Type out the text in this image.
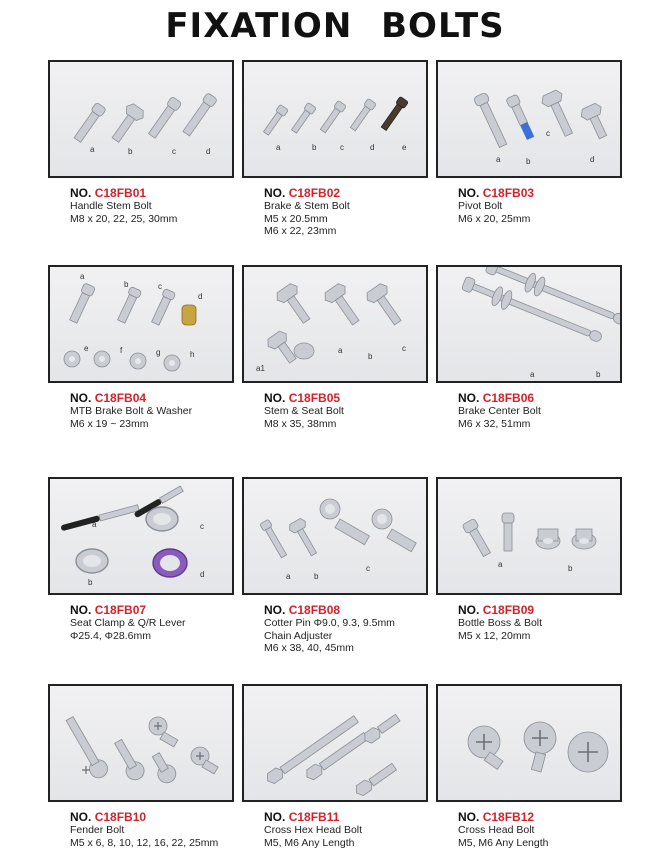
FIXATION BOLTS
a	b	c	d
NO. C18FB01
Handle Stem Bolt
M8 x 20, 22, 25, 30mm
a	b	c	d	e
NO. C18FB02
Brake & Stem Bolt
M5 x 20.5mm
M6 x 22, 23mm
a	b
c
d
NO. C18FB03
Pivot Bolt
M6 x 20, 25mm
a
b	c
d
e	f	g	h
NO. C18FB04
MTB Brake Bolt & Washer
M6 x 19 ~ 23mm
a1
a
b
c
NO. C18FB05
Stem & Seat Bolt
M8 x 35, 38mm
a	b
NO. C18FB06
Brake Center Bolt
M6 x 32, 51mm
a
b
c
d
NO. C18FB07
Seat Clamp & Q/R Lever
Φ25.4, Φ28.6mm
a	b
c
NO. C18FB08
Cotter Pin Φ9.0, 9.3, 9.5mm
Chain Adjuster
M6 x 38, 40, 45mm
a	b
NO. C18FB09
Bottle Boss & Bolt
M5 x 12, 20mm
NO. C18FB10
Fender Bolt
M5 x 6, 8, 10, 12, 16, 22, 25mm
NO. C18FB11
Cross Hex Head Bolt
M5, M6 Any Length
NO. C18FB12
Cross Head Bolt
M5, M6 Any Length
